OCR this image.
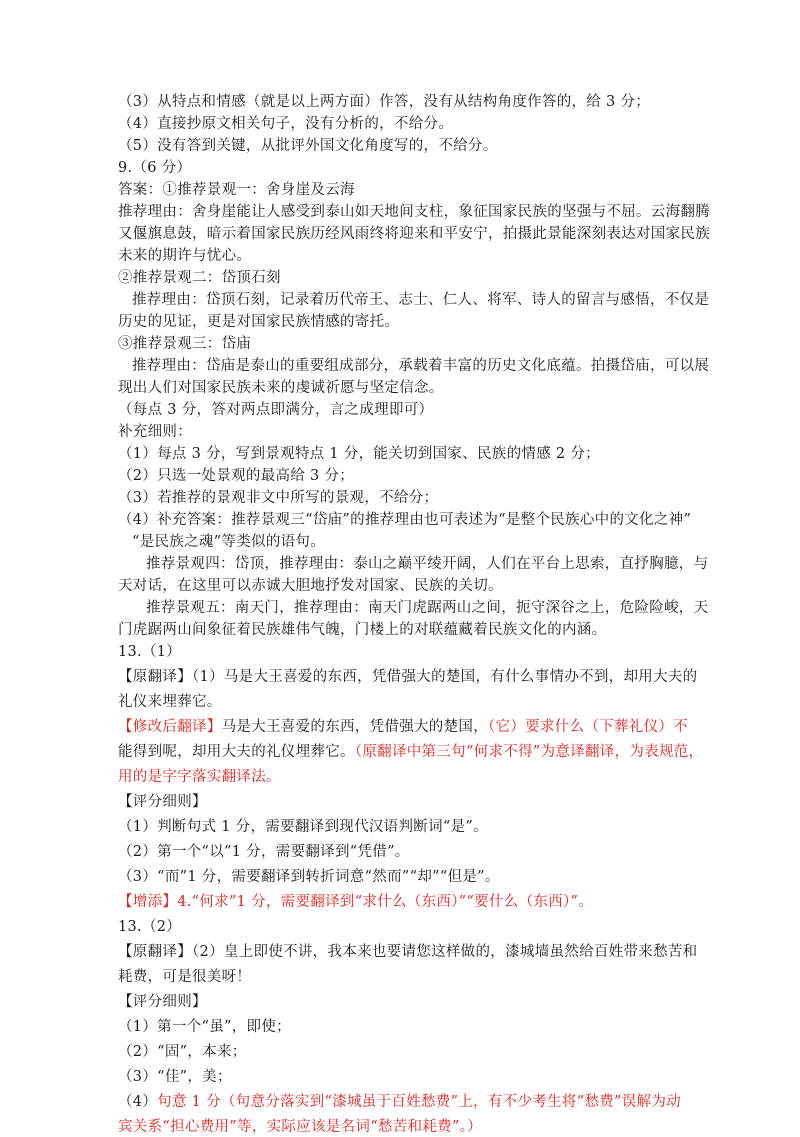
（3）从特点和情感（就是以上两方面）作答，没有从结构角度作答的，给 3 分；
（4）直接抄原文相关句子，没有分析的，不给分。
（5）没有答到关键，从批评外国文化角度写的，不给分。
9.（6 分）
答案：①推荐景观一：舍身崖及云海
推荐理由：舍身崖能让人感受到泰山如天地间支柱，象征国家民族的坚强与不屈。云海翻腾
又偃旗息鼓，暗示着国家民族历经风雨终将迎来和平安宁，拍摄此景能深刻表达对国家民族
未来的期许与忧心。
②推荐景观二：岱顶石刻
推荐理由：岱顶石刻，记录着历代帝王、志士、仁人、将军、诗人的留言与感悟，不仅是
历史的见证，更是对国家民族情感的寄托。
③推荐景观三：岱庙
推荐理由：岱庙是泰山的重要组成部分，承载着丰富的历史文化底蕴。拍摄岱庙，可以展
现出人们对国家民族未来的虔诚祈愿与坚定信念。
（每点 3 分，答对两点即满分，言之成理即可）
补充细则：
（1）每点 3 分，写到景观特点 1 分，能关切到国家、民族的情感 2 分；
（2）只选一处景观的最高给 3 分；
（3）若推荐的景观非文中所写的景观，不给分；
（4）补充答案：推荐景观三“岱庙”的推荐理由也可表述为“是整个民族心中的文化之神”
“是民族之魂”等类似的语句。
推荐景观四：岱顶，推荐理由：泰山之巅平绫开阔，人们在平台上思索，直抒胸臆，与
天对话，在这里可以赤诚大胆地抒发对国家、民族的关切。
推荐景观五：南天门，推荐理由：南天门虎踞两山之间，扼守深谷之上，危险险峻，天
门虎踞两山间象征着民族雄伟气魄，门楼上的对联蕴藏着民族文化的内涵。
13.（1）
【原翻译】（1）马是大王喜爱的东西，凭借强大的楚国，有什么事情办不到，却用大夫的
礼仪来埋葬它。
【修改后翻译】马是大王喜爱的东西，凭借强大的楚国，（它）要求什么（下葬礼仪）不
能得到呢，却用大夫的礼仪埋葬它。（原翻译中第三句“何求不得”为意译翻译，为表规范，
用的是字字落实翻译法。
【评分细则】
（1）判断句式 1 分，需要翻译到现代汉语判断词“是”。
（2）第一个“以”1 分，需要翻译到“凭借”。
（3）“而”1 分，需要翻译到转折词意“然而”“却”“但是”。
【增添】4.“何求”1 分，需要翻译到“求什么（东西）”“要什么（东西）”。
13.（2）
【原翻译】（2）皇上即使不讲，我本来也要请您这样做的，漆城墙虽然给百姓带来愁苦和
耗费，可是很美呀！
【评分细则】
（1）第一个“虽”，即使；
（2）“固”，本来；
（3）“佳”，美；
（4）句意 1 分（句意分落实到“漆城虽于百姓愁费”上，有不少考生将“愁费”误解为动
宾关系“担心费用”等，实际应该是名词“愁苦和耗费”。）
